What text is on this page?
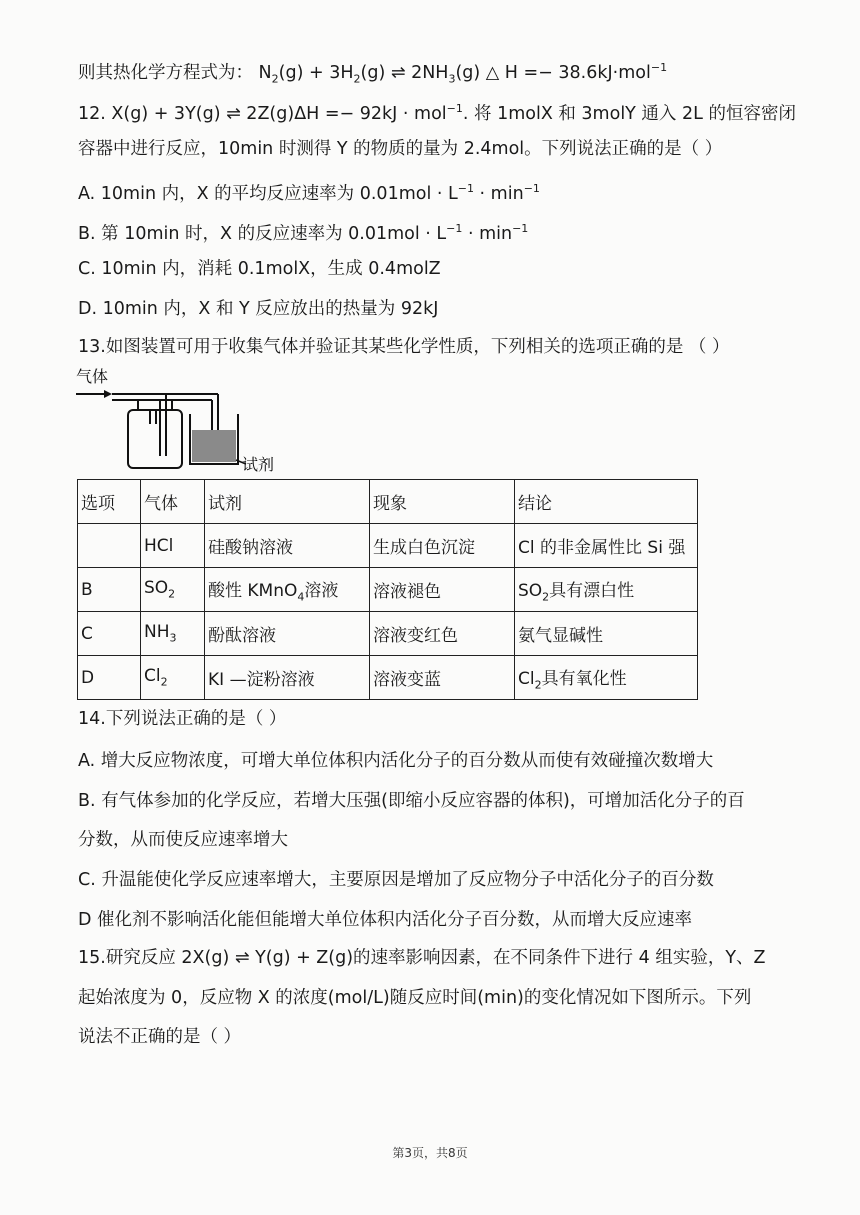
则其热化学方程式为： $N_2(g) + 3H_2(g)$ ⇌ $2NH_3(g)$ △ H =− 38.6kJ·mol$^{-1}$
12. X(g) + 3Y(g) ⇌ 2Z(g)ΔH =− 92kJ · mol$^{-1}$. 将 1molX 和 3molY 通入 2L 的恒容密闭
容器中进行反应，10min 时测得 Y 的物质的量为 2.4mol。下列说法正确的是（ ）
A. 10min 内，X 的平均反应速率为 $0.01mol \cdot L^{-1} \cdot \min^{-1}$
B. 第 10min 时，X 的反应速率为 $0.01mol \cdot L^{-1} \cdot \min^{-1}$
C. 10min 内，消耗 0.1molX，生成 0.4molZ
D. 10min 内，X 和 Y 反应放出的热量为 92kJ
13.如图装置可用于收集气体并验证其某些化学性质，下列相关的选项正确的是 （ ）
气体
试剂
选项	气体	试剂	现象	结论
	HCl	硅酸钠溶液	生成白色沉淀	Cl 的非金属性比 Si 强
B	$SO_2$	酸性 KMnO$_4$溶液	溶液褪色	$SO_2$具有漂白性
C	$NH_3$	酚酞溶液	溶液变红色	氨气显碱性
D	$Cl_2$	KI —淀粉溶液	溶液变蓝	$Cl_2$具有氧化性
14.下列说法正确的是（ ）
A. 增大反应物浓度，可增大单位体积内活化分子的百分数从而使有效碰撞次数增大
B. 有气体参加的化学反应，若增大压强(即缩小反应容器的体积)，可增加活化分子的百
分数，从而使反应速率增大
C. 升温能使化学反应速率增大，主要原因是增加了反应物分子中活化分子的百分数
D 催化剂不影响活化能但能增大单位体积内活化分子百分数，从而增大反应速率
15.研究反应 2X(g) ⇌ Y(g) + Z(g)的速率影响因素，在不同条件下进行 4 组实验，Y、Z
起始浓度为 0，反应物 X 的浓度(mol/L)随反应时间(min)的变化情况如下图所示。下列
说法不正确的是（ ）
第3页，共8页
